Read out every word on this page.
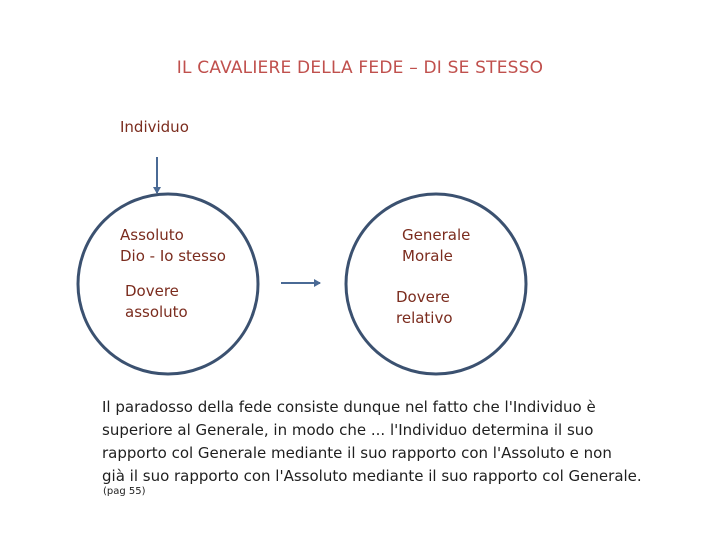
IL CAVALIERE DELLA FEDE – DI SE STESSO
Individuo
Assoluto
Dio - Io stesso
Dovere
assoluto
Generale
Morale
Dovere
relativo
Il paradosso della fede consiste dunque nel fatto che l'Individuo è
superiore al Generale, in modo che ... l'Individuo determina il suo
rapporto col Generale mediante il suo rapporto con l'Assoluto e non
già il suo rapporto con l'Assoluto mediante il suo rapporto col Generale.
(pag 55)
